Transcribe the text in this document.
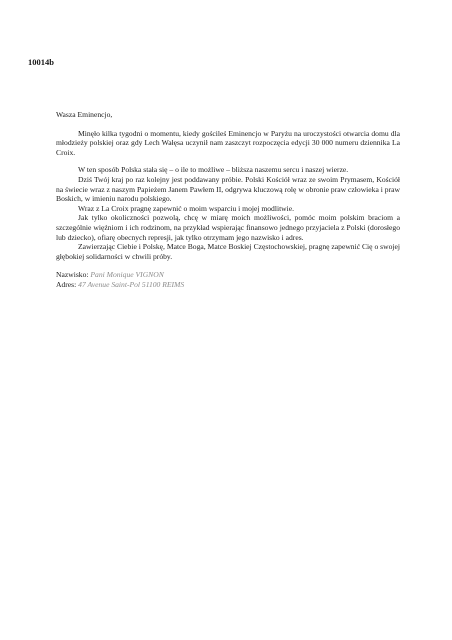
10014b

Wasza Eminencjo,

Minęło kilka tygodni o momentu, kiedy gościleś Eminencjo w Paryżu na uroczystości otwarcia domu dla młodzieży polskiej oraz gdy Lech Wałęsa uczynił nam zaszczyt rozpoczęcia edycji 30 000 numeru dziennika La Croix.

W ten sposób Polska stała się – o ile to możliwe – bliższa naszemu sercu i naszej wierze.

Dziś Twój kraj po raz kolejny jest poddawany próbie. Polski Kościół wraz ze swoim Prymasem, Kościół na świecie wraz z naszym Papieżem Janem Pawłem II, odgrywa kluczową rolę w obronie praw człowieka i praw Boskich, w imieniu narodu polskiego.

Wraz z La Croix pragnę zapewnić o moim wsparciu i mojej modlitwie.

Jak tylko okoliczności pozwolą, chcę w miarę moich możliwości, pomóc moim polskim braciom a szczególnie więźniom i ich rodzinom, na przykład wspierając finansowo jednego przyjaciela z Polski (dorosłego lub dziecko), ofiarę obecnych represji, jak tylko otrzymam jego nazwisko i adres.

Zawierzając Ciebie i Polskę, Matce Boga, Matce Boskiej Częstochowskiej, pragnę zapewnić Cię o swojej głębokiej solidarności w chwili próby.

Nazwisko: Pani Monique VIGNON

Adres: 47 Avenue Saint-Pol 51100 REIMS
